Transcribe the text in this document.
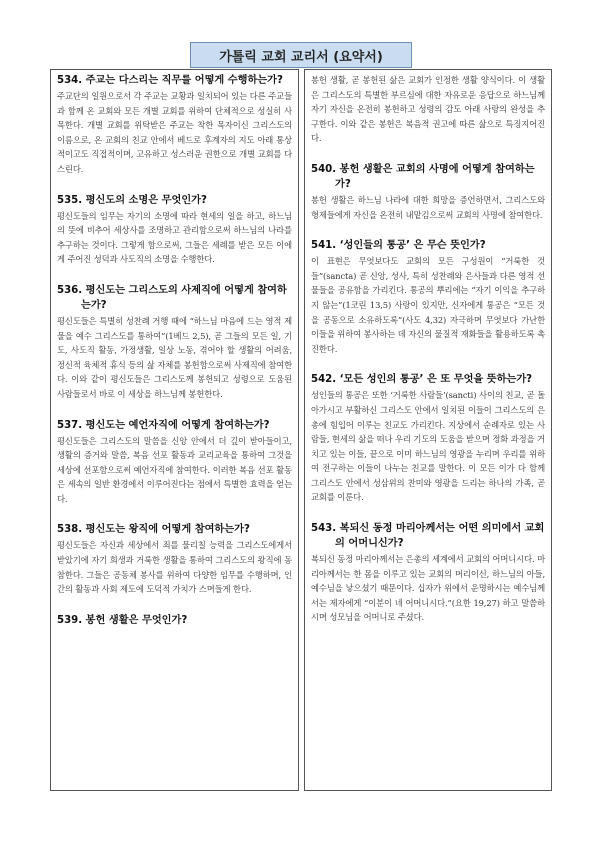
가톨릭 교회 교리서 (요약서)

534. 주교는 다스리는 직무를 어떻게 수행하는가?

주교단의 일원으로서 각 주교는 교황과 일치되어 있는 다른 주교들과 함께 온 교회와 모든 개별 교회를 위하여 단체적으로 성실히 사목한다. 개별 교회를 위탁받은 주교는 착한 목자이신 그리스도의 이름으로, 온 교회의 친교 안에서 베드로 후계자의 지도 아래 통상적이고도 직접적이며, 고유하고 성스러운 권한으로 개별 교회를 다스린다.

535. 평신도의 소명은 무엇인가?

평신도들의 임무는 자기의 소명에 따라 현세의 일을 하고, 하느님의 뜻에 비추어 세상사를 조명하고 관리함으로써 하느님의 나라를 추구하는 것이다. 그렇게 함으로써, 그들은 세례를 받은 모든 이에게 주어진 성덕과 사도직의 소명을 수행한다.

536. 평신도는 그리스도의 사제직에 어떻게 참여하는가?

평신도들은 특별히 성찬례 거행 때에 “하느님 마음에 드는 영적 제물을 예수 그리스도를 통하여”(1베드 2,5), 곧 그들의 모든 일, 기도, 사도직 활동, 가정생활, 일상 노동, 겪어야 할 생활의 어려움, 정신적 육체적 휴식 등의 삶 자체를 봉헌함으로써 사제직에 참여한다. 이와 같이 평신도들은 그리스도께 봉헌되고 성령으로 도움된 사람들로서 바로 이 세상을 하느님께 봉헌한다.

537. 평신도는 예언자직에 어떻게 참여하는가?

평신도들은 그리스도의 말씀을 신앙 안에서 더 깊이 받아들이고, 생활의 증거와 말씀, 복음 선포 활동과 교리교육을 통하여 그것을 세상에 선포함으로써 예언자직에 참여한다. 이러한 복음 선포 활동은 세속의 일반 환경에서 이루어진다는 점에서 특별한 효력을 얻는다.

538. 평신도는 왕직에 어떻게 참여하는가?

평신도들은 자신과 세상에서 죄를 물리칠 능력을 그리스도에게서 받았기에 자기 희생과 거룩한 생활을 통하여 그리스도의 왕직에 동참한다. 그들은 공동체 봉사를 위하여 다양한 임무를 수행하며, 인간의 활동과 사회 제도에 도덕적 가치가 스며들게 한다.

539. 봉헌 생활은 무엇인가?

봉헌 생활, 곧 봉헌된 삶은 교회가 인정한 생활 양식이다. 이 생활은 그리스도의 특별한 부르심에 대한 자유로운 응답으로 하느님께 자기 자신을 온전히 봉헌하고 성령의 감도 아래 사랑의 완성을 추구한다. 이와 같은 봉헌은 복음적 권고에 따른 삶으로 특징지어진다.

540. 봉헌 생활은 교회의 사명에 어떻게 참여하는가?

봉헌 생활은 하느님 나라에 대한 희망을 증언하면서, 그리스도와 형제들에게 자신을 온전히 내맡김으로써 교회의 사명에 참여한다.

541. ‘성인들의 통공’ 은 무슨 뜻인가?

이 표현은 무엇보다도 교회의 모든 구성원이 “거룩한 것들”(sancta) 곧 신앙, 성사, 특히 성찬례와 은사들과 다른 영적 선물들을 공유함을 가리킨다. 통공의 뿌리에는 “자기 이익을 추구하지 않는”(1코린 13,5) 사랑이 있지만, 신자에게 통공은 “모든 것을 공동으로 소유하도록”(사도 4,32) 자극하며 무엇보다 가난한 이들을 위하여 봉사하는 데 자신의 물질적 재화들을 활용하도록 촉진한다.

542. ‘모든 성인의 통공’ 은 또 무엇을 뜻하는가?

성인들의 통공은 또한 ‘거룩한 사람들’(sancti) 사이의 친교, 곧 돌아가시고 부활하신 그리스도 안에서 일치된 이들이 그리스도의 은총에 힘입어 이루는 친교도 가리킨다. 지상에서 순례자로 있는 사람들, 현세의 삶을 떠나 우리 기도의 도움을 받으며 정화 과정을 거치고 있는 이들, 끝으로 이미 하느님의 영광을 누리며 우리를 위하여 전구하는 이들이 나누는 친교를 말한다. 이 모든 이가 다 함께 그리스도 안에서 성삼위의 찬미와 영광을 드리는 하나의 가족, 곧 교회를 이룬다.

543. 복되신 동정 마리아께서는 어떤 의미에서 교회의 어머니신가?

복되신 동정 마리아께서는 은총의 세계에서 교회의 어머니시다. 마리아께서는 한 몸을 이루고 있는 교회의 머리이신, 하느님의 아들, 예수님을 낳으셨기 때문이다. 십자가 위에서 운명하시는 예수님께서는 제자에게 “이분이 네 어머니시다.”(요한 19,27) 하고 말씀하시며 성모님을 어머니로 주셨다.
